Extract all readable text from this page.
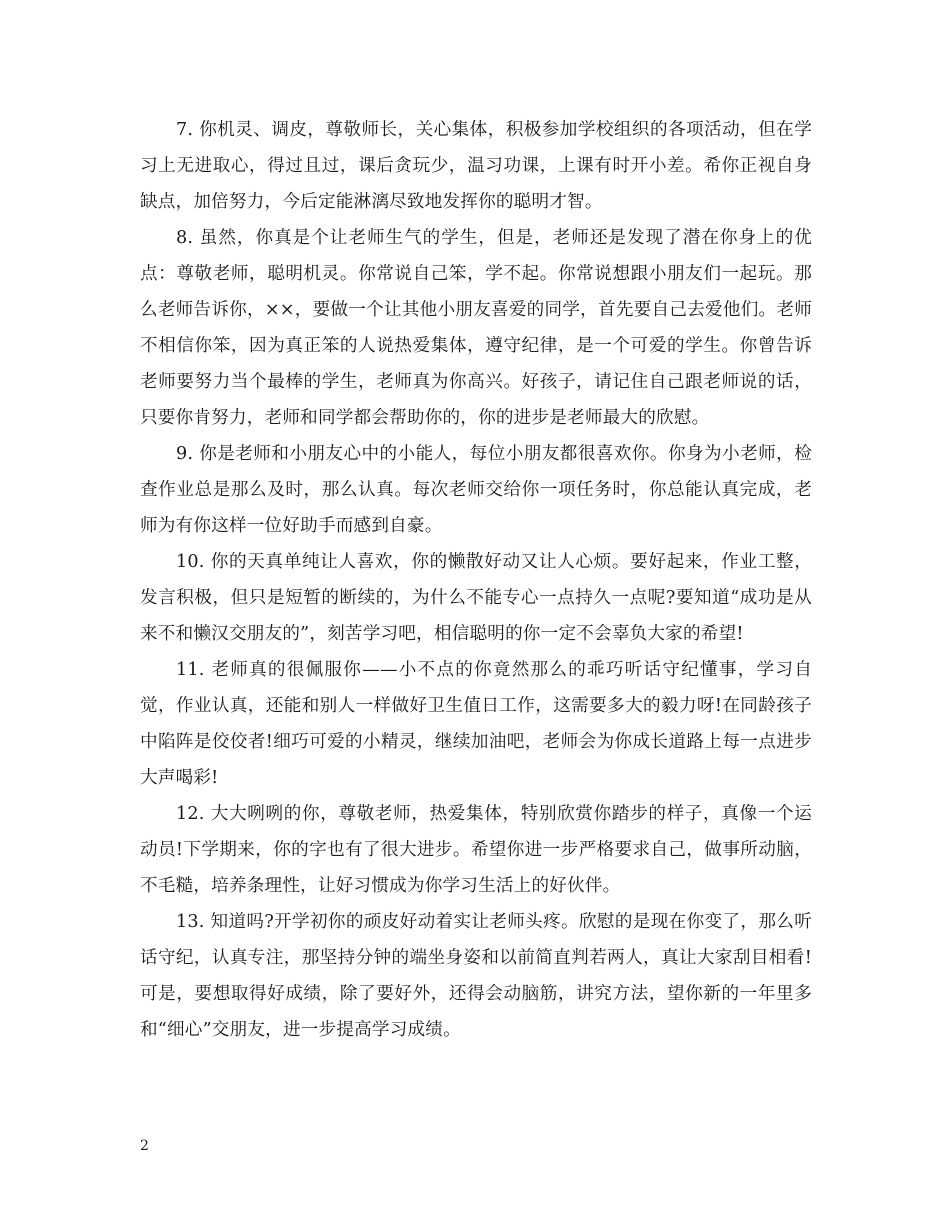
7. 你机灵、调皮，尊敬师长，关心集体，积极参加学校组织的各项活动，但在学习上无进取心，得过且过，课后贪玩少，温习功课，上课有时开小差。希你正视自身缺点，加倍努力，今后定能淋漓尽致地发挥你的聪明才智。

8. 虽然，你真是个让老师生气的学生，但是，老师还是发现了潜在你身上的优点：尊敬老师，聪明机灵。你常说自己笨，学不起。你常说想跟小朋友们一起玩。那么老师告诉你，××，要做一个让其他小朋友喜爱的同学，首先要自己去爱他们。老师不相信你笨，因为真正笨的人说热爱集体，遵守纪律，是一个可爱的学生。你曾告诉老师要努力当个最棒的学生，老师真为你高兴。好孩子，请记住自己跟老师说的话，只要你肯努力，老师和同学都会帮助你的，你的进步是老师最大的欣慰。

9. 你是老师和小朋友心中的小能人，每位小朋友都很喜欢你。你身为小老师，检查作业总是那么及时，那么认真。每次老师交给你一项任务时，你总能认真完成，老师为有你这样一位好助手而感到自豪。

10. 你的天真单纯让人喜欢，你的懒散好动又让人心烦。要好起来，作业工整，发言积极，但只是短暂的断续的，为什么不能专心一点持久一点呢?要知道“成功是从来不和懒汉交朋友的”，刻苦学习吧，相信聪明的你一定不会辜负大家的希望!

11. 老师真的很佩服你——小不点的你竟然那么的乖巧听话守纪懂事，学习自觉，作业认真，还能和别人一样做好卫生值日工作，这需要多大的毅力呀!在同龄孩子中陷阵是佼佼者!细巧可爱的小精灵，继续加油吧，老师会为你成长道路上每一点进步大声喝彩!

12. 大大咧咧的你，尊敬老师，热爱集体，特别欣赏你踏步的样子，真像一个运动员!下学期来，你的字也有了很大进步。希望你进一步严格要求自己，做事所动脑，不毛糙，培养条理性，让好习惯成为你学习生活上的好伙伴。

13. 知道吗?开学初你的顽皮好动着实让老师头疼。欣慰的是现在你变了，那么听话守纪，认真专注，那坚持分钟的端坐身姿和以前简直判若两人，真让大家刮目相看!可是，要想取得好成绩，除了要好外，还得会动脑筋，讲究方法，望你新的一年里多和“细心”交朋友，进一步提高学习成绩。

2
